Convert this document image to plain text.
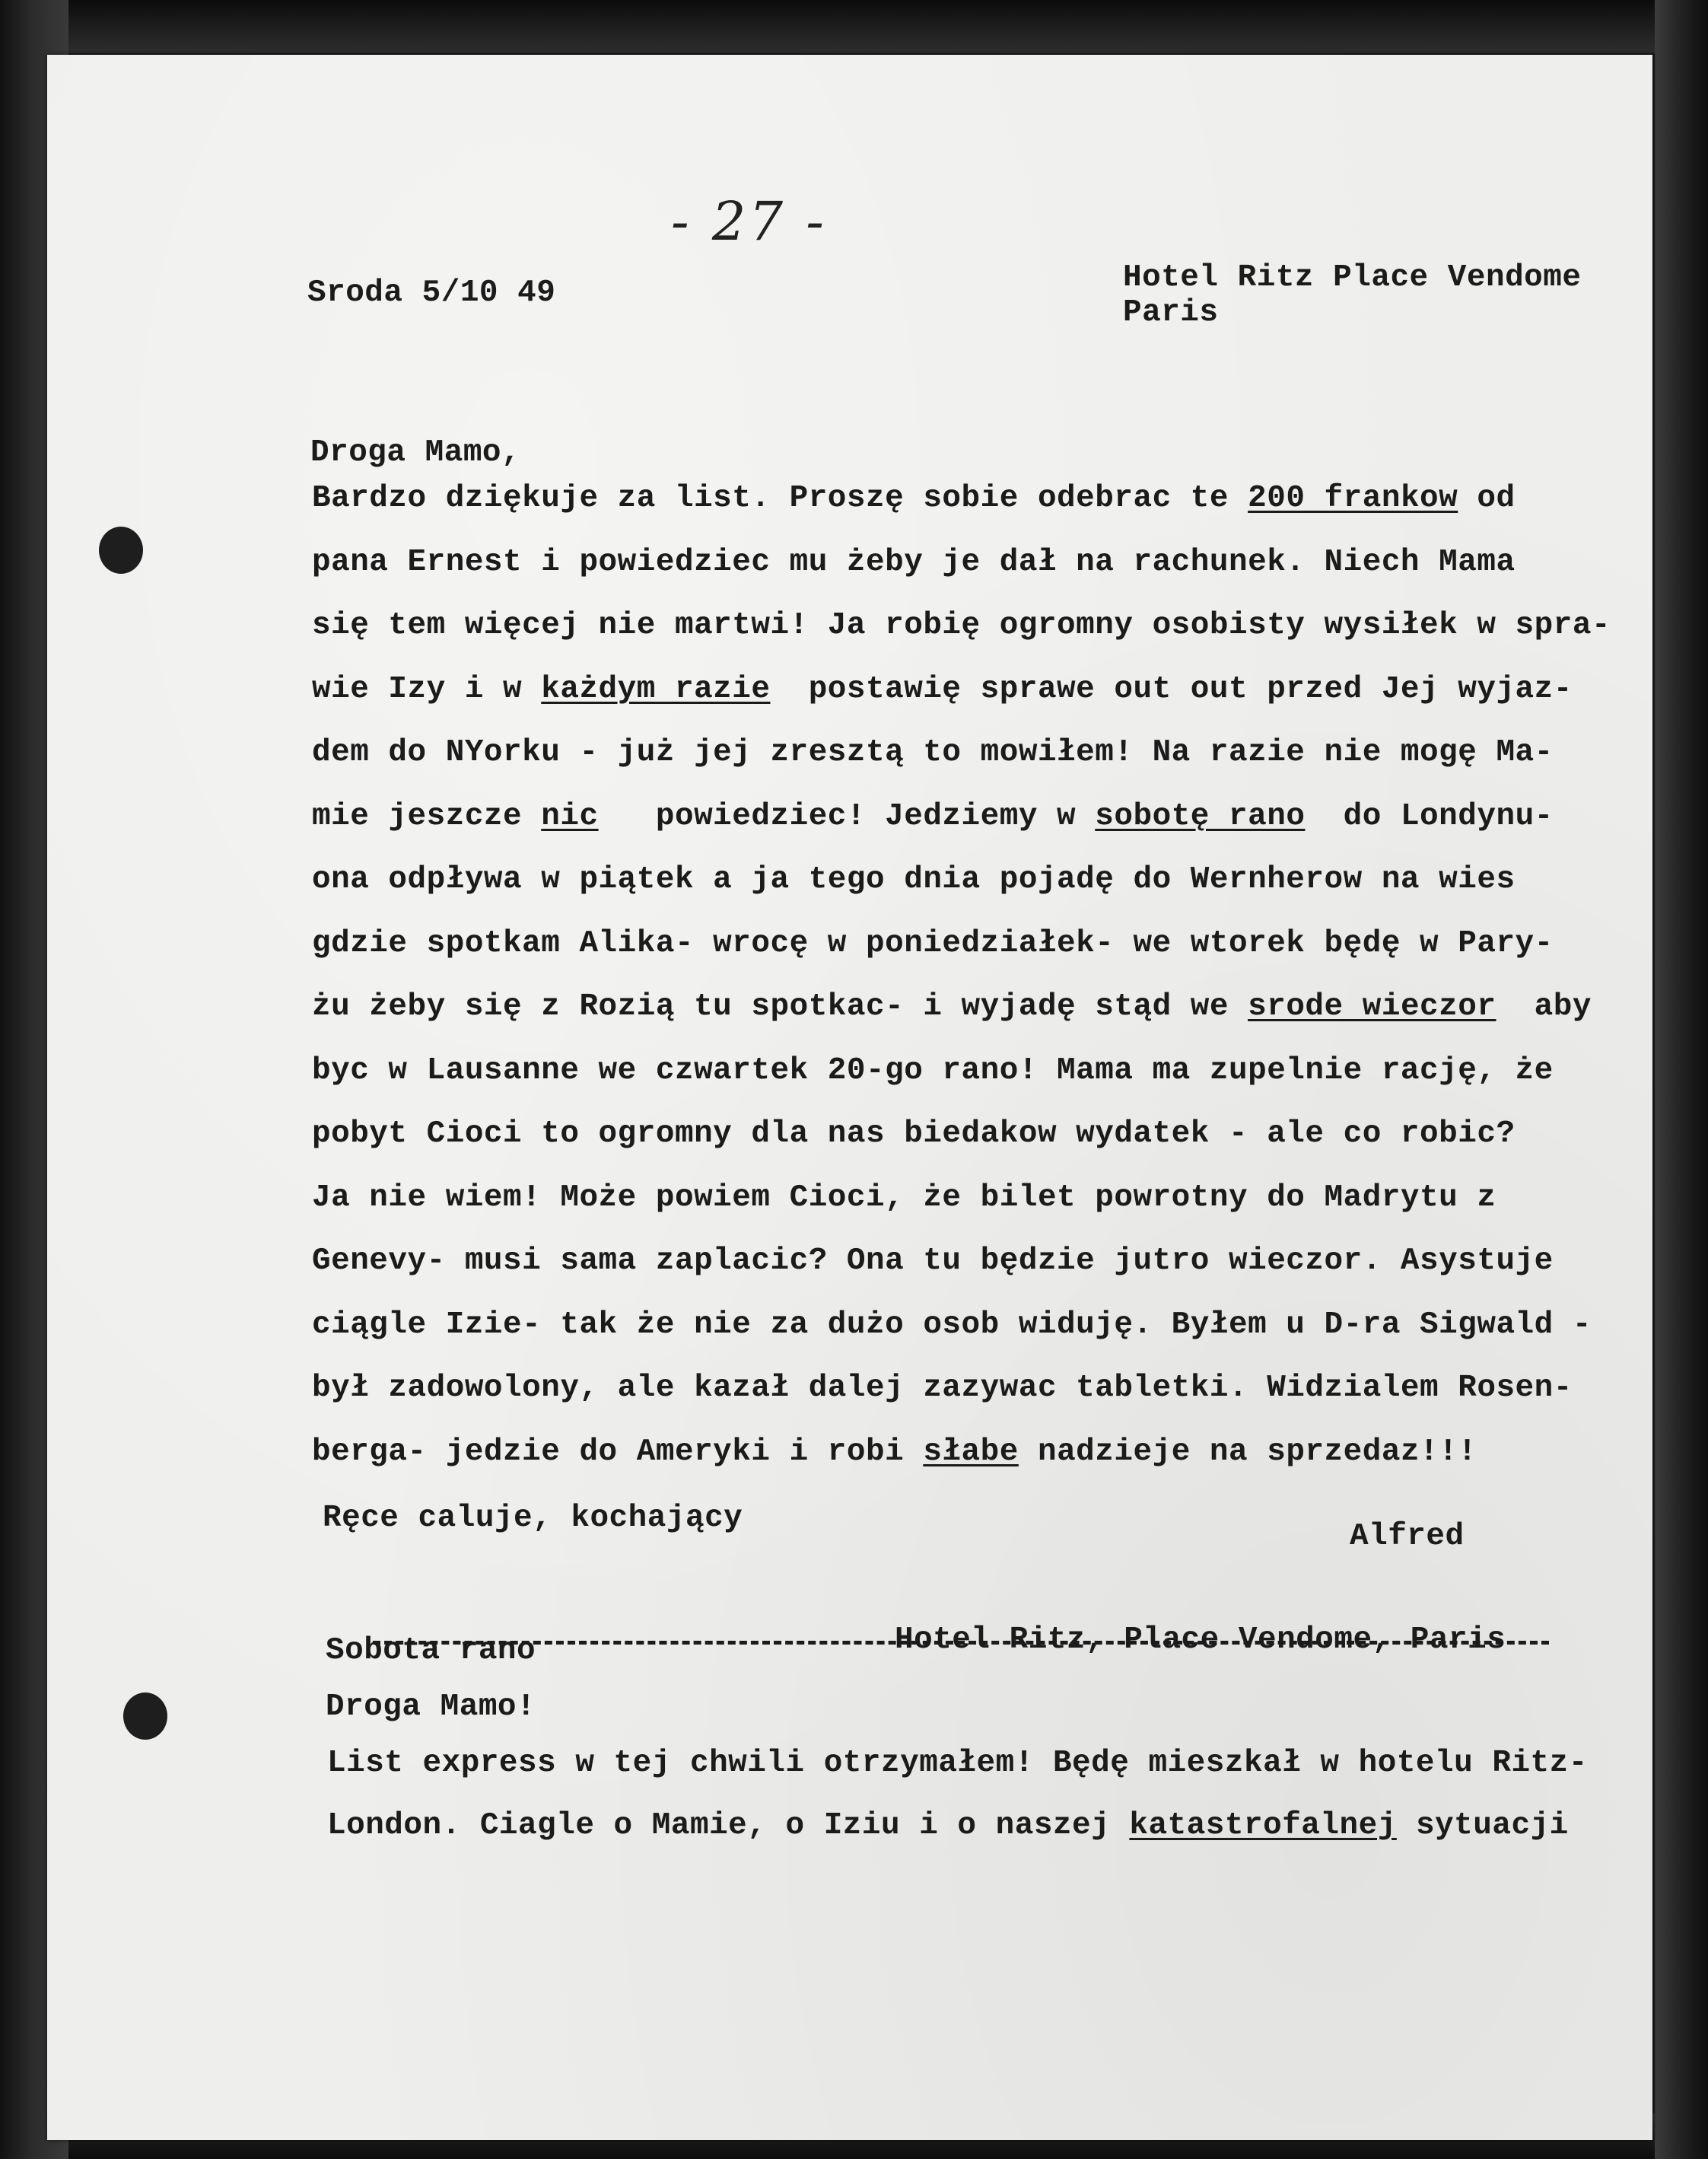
- 27 -
Sroda 5/10 49	Hotel Ritz Place Vendome
Paris
Droga Mamo,
Bardzo dziękuje za list. Proszę sobie odebrac te 200 frankow od
pana Ernest i powiedziec mu żeby je dał na rachunek. Niech Mama
się tem więcej nie martwi! Ja robię ogromny osobisty wysiłek w spra-
wie Izy i w każdym razie  postawię sprawe out out przed Jej wyjaz-
dem do NYorku - już jej zresztą to mowiłem! Na razie nie mogę Ma-
mie jeszcze nic   powiedziec! Jedziemy w sobotę rano  do Londynu-
ona odpływa w piątek a ja tego dnia pojadę do Wernherow na wies
gdzie spotkam Alika- wrocę w poniedziałek- we wtorek będę w Pary-
żu żeby się z Rozią tu spotkac- i wyjadę stąd we srode wieczor  aby
byc w Lausanne we czwartek 20-go rano! Mama ma zupelnie rację, że
pobyt Cioci to ogromny dla nas biedakow wydatek - ale co robic?
Ja nie wiem! Może powiem Cioci, że bilet powrotny do Madrytu z
Genevy- musi sama zaplacic? Ona tu będzie jutro wieczor. Asystuje
ciągle Izie- tak że nie za dużo osob widuję. Byłem u D-ra Sigwald -
był zadowolony, ale kazał dalej zazywac tabletki. Widzialem Rosen-
berga- jedzie do Ameryki i robi słabe nadzieje na sprzedaz!!!
Ręce caluje, kochający
Alfred
Sobota rano	Hotel Ritz, Place Vendome, Paris
Droga Mamo!
List express w tej chwili otrzymałem! Będę mieszkał w hotelu Ritz-
London. Ciagle o Mamie, o Iziu i o naszej katastrofalnej sytuacji
